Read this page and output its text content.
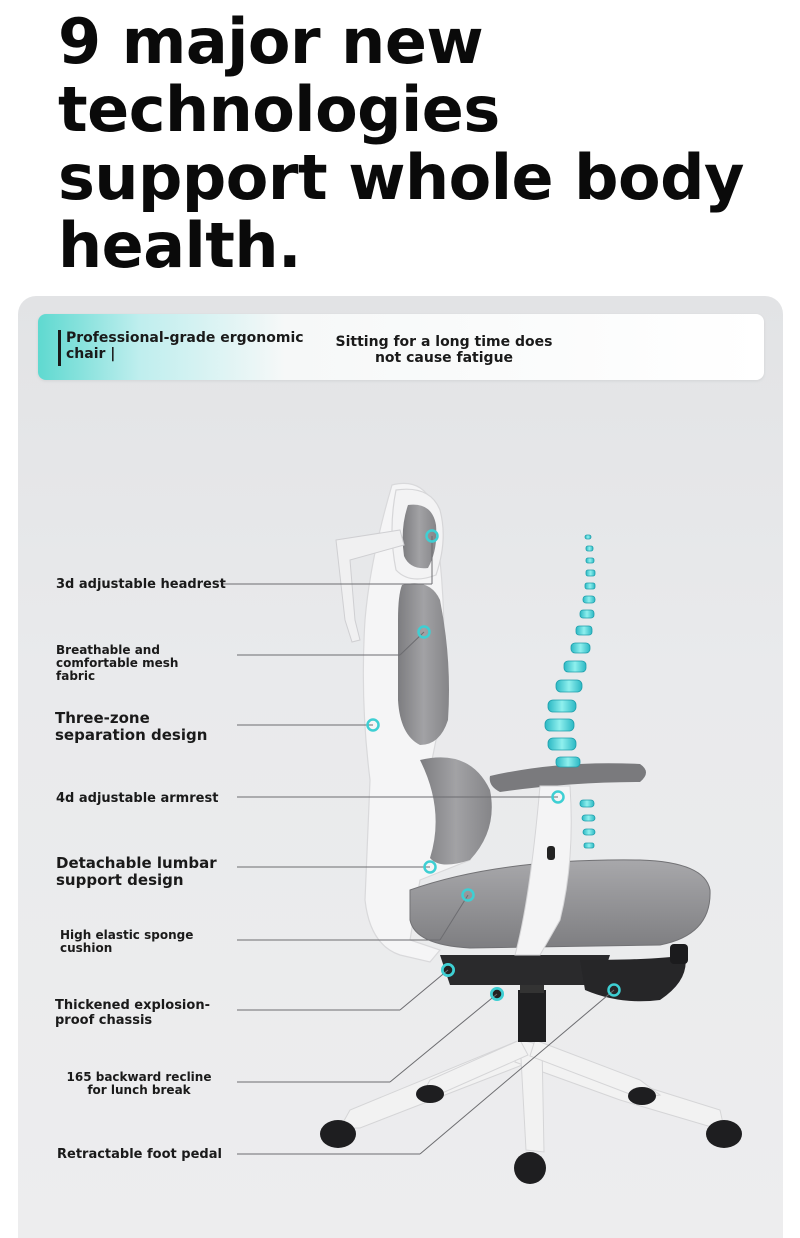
9 major new technologies support whole body health.
Professional-grade ergonomic chair |
Sitting for a long time does not cause fatigue
3d adjustable headrest
Breathable and comfortable mesh fabric
Three-zone separation design
4d adjustable armrest
Detachable lumbar support design
High elastic sponge cushion
Thickened explosion-proof chassis
165 backward recline for lunch break
Retractable foot pedal
